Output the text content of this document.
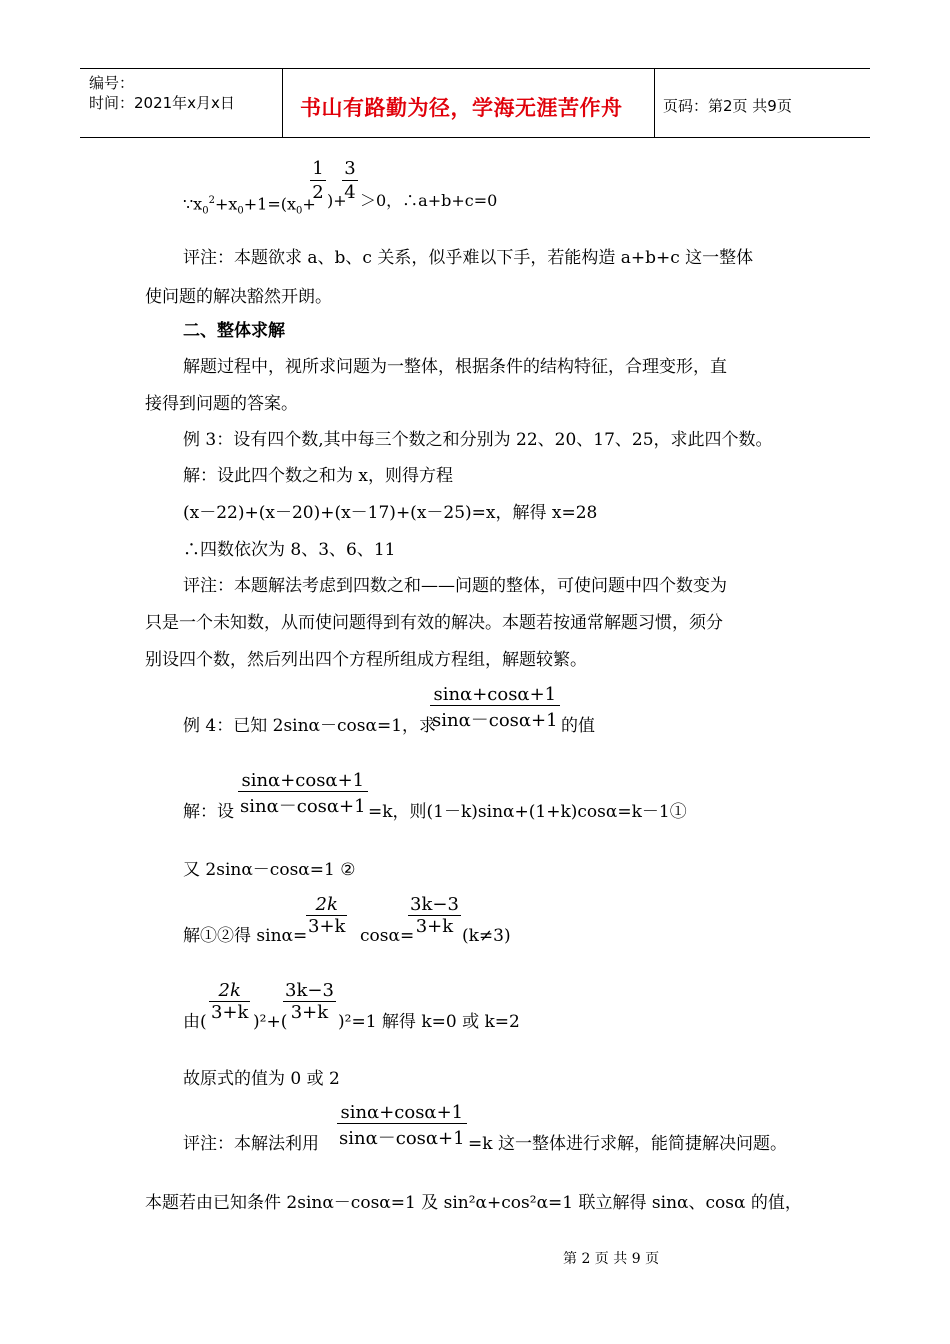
编号：
时间：2021年x月x日	书山有路勤为径，学海无涯苦作舟	页码：第2页 共9页
$\because x_0^2+x_0+1=(x_0+$
1
2 )+
3
4 ＞0，∴a+b+c=0
评注：本题欲求 a、b、c 关系，似乎难以下手，若能构造 a+b+c 这一整体
使问题的解决豁然开朗。
二、整体求解
解题过程中，视所求问题为一整体，根据条件的结构特征，合理变形，直
接得到问题的答案。
例 3：设有四个数,其中每三个数之和分别为 22、20、17、25，求此四个数。
解：设此四个数之和为 x，则得方程
(x－22)+(x－20)+(x－17)+(x－25)=x，解得 x=28
∴四数依次为 8、3、6、11
评注：本题解法考虑到四数之和——问题的整体，可使问题中四个数变为
只是一个未知数，从而使问题得到有效的解决。本题若按通常解题习惯，须分
别设四个数，然后列出四个方程所组成方程组，解题较繁。
例 4：已知 2sinα－cosα=1，求
sinα+cosα+1
sinα－cosα+1 的值
解：设
sinα+cosα+1
sinα－cosα+1 =k，则(1－k)sinα+(1+k)cosα=k－1①
又 2sinα－cosα=1 ②
解①②得 sinα=
2k
3+k cosα=
3k−3
3+k (k≠3)
由(
2k
3+k )²+(
3k−3
3+k )²=1 解得 k=0 或 k=2
故原式的值为 0 或 2
评注：本解法利用
sinα+cosα+1
sinα－cosα+1 =k 这一整体进行求解，能简捷解决问题。
本题若由已知条件 2sinα－cosα=1 及 sin²α+cos²α=1 联立解得 sinα、cosα 的值，
第 2 页 共 9 页
